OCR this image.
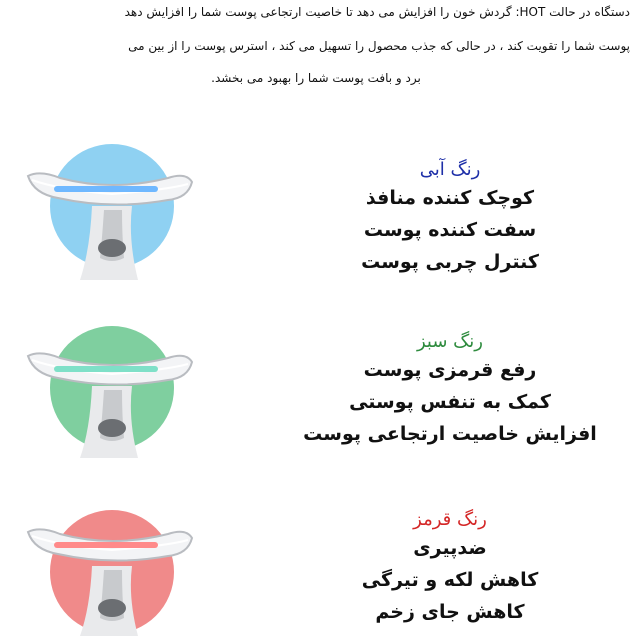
دستگاه در حالت HOT: گردش خون را افزایش می دهد تا خاصیت ارتجاعی پوست شما را افزایش دهد
پوست شما را تقویت کند ، در حالی که جذب محصول را تسهیل می کند ، استرس پوست را از بین می
برد و بافت پوست شما را بهبود می بخشد.
رنگ آبی
کوچک کننده منافذ
سفت کننده پوست
کنترل چربی پوست
رنگ سبز
رفع قرمزی پوست
کمک به تنفس پوستی
افزایش خاصیت ارتجاعی پوست
رنگ قرمز
ضدپیری
کاهش لکه و تیرگی
کاهش جای زخم
